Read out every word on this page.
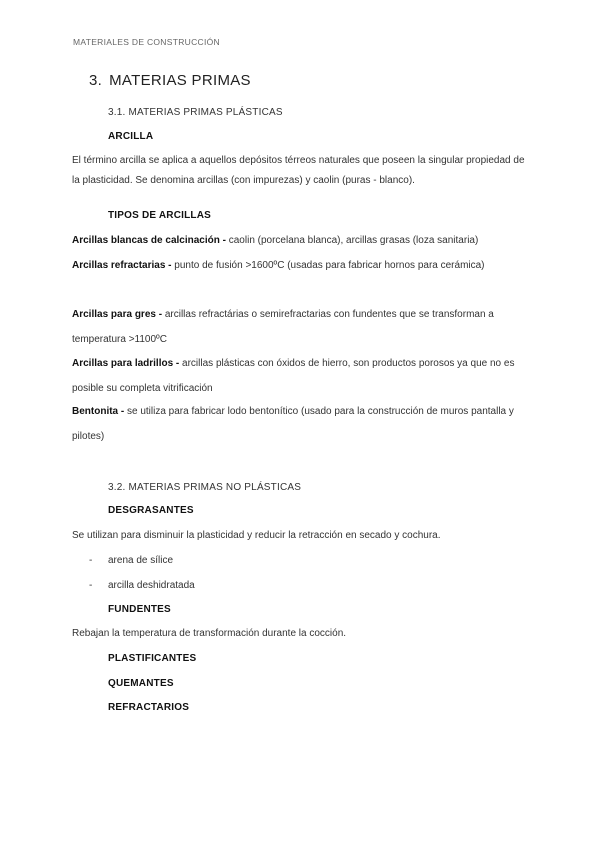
MATERIALES DE CONSTRUCCIÓN
3. MATERIAS PRIMAS
3.1. MATERIAS PRIMAS PLÁSTICAS
ARCILLA
El término arcilla se aplica a aquellos depósitos térreos naturales que poseen la singular propiedad de la plasticidad. Se denomina arcillas (con impurezas) y caolin (puras - blanco).
TIPOS DE ARCILLAS
Arcillas blancas de calcinación - caolin (porcelana blanca), arcillas grasas (loza sanitaria)
Arcillas refractarias - punto de fusión >1600ºC (usadas para fabricar hornos para cerámica)
Arcillas para gres - arcillas refractárias o semirefractarias con fundentes que se transforman a temperatura >1100ºC
Arcillas para ladrillos - arcillas plásticas con óxidos de hierro, son productos porosos ya que no es posible su completa vitrificación
Bentonita - se utiliza para fabricar lodo bentonítico (usado para la construcción de muros pantalla y pilotes)
3.2. MATERIAS PRIMAS NO PLÁSTICAS
DESGRASANTES
Se utilizan para disminuir la plasticidad y reducir la retracción en secado y cochura.
- arena de sílice
- arcilla deshidratada
FUNDENTES
Rebajan la temperatura de transformación durante la cocción.
PLASTIFICANTES
QUEMANTES
REFRACTARIOS
